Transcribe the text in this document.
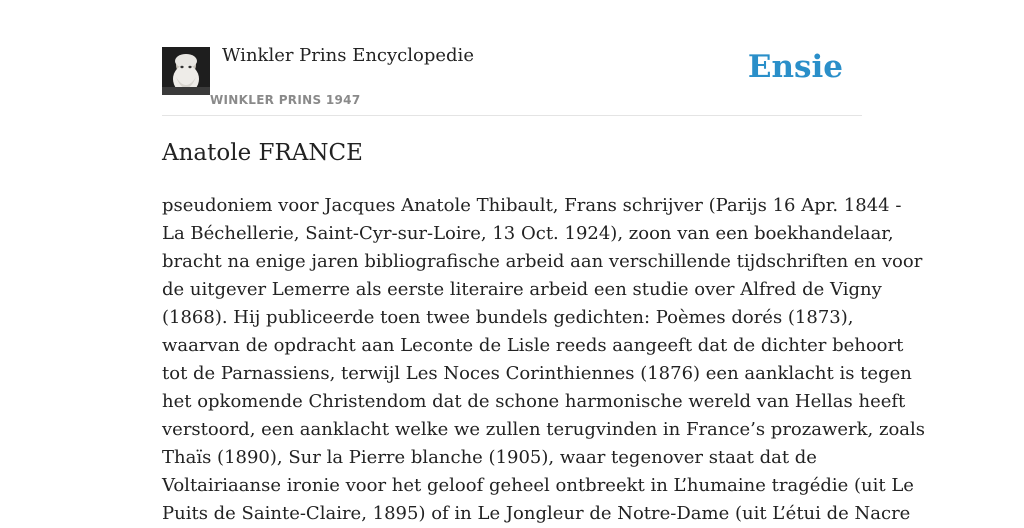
Winkler Prins Encyclopedie
WINKLER PRINS 1947
Ensie
Anatole FRANCE
pseudoniem voor Jacques Anatole Thibault, Frans schrijver (Parijs 16 Apr. 1844 -
La Béchellerie, Saint-Cyr-sur-Loire, 13 Oct. 1924), zoon van een boekhandelaar,
bracht na enige jaren bibliografische arbeid aan verschillende tijdschriften en voor
de uitgever Lemerre als eerste literaire arbeid een studie over Alfred de Vigny
(1868). Hij publiceerde toen twee bundels gedichten: Poèmes dorés (1873),
waarvan de opdracht aan Leconte de Lisle reeds aangeeft dat de dichter behoort
tot de Parnassiens, terwijl Les Noces Corinthiennes (1876) een aanklacht is tegen
het opkomende Christendom dat de schone harmonische wereld van Hellas heeft
verstoord, een aanklacht welke we zullen terugvinden in France’s prozawerk, zoals
Thaïs (1890), Sur la Pierre blanche (1905), waar tegenover staat dat de
Voltairiaanse ironie voor het geloof geheel ontbreekt in L’humaine tragédie (uit Le
Puits de Sainte-Claire, 1895) of in Le Jongleur de Notre-Dame (uit L’étui de Nacre
